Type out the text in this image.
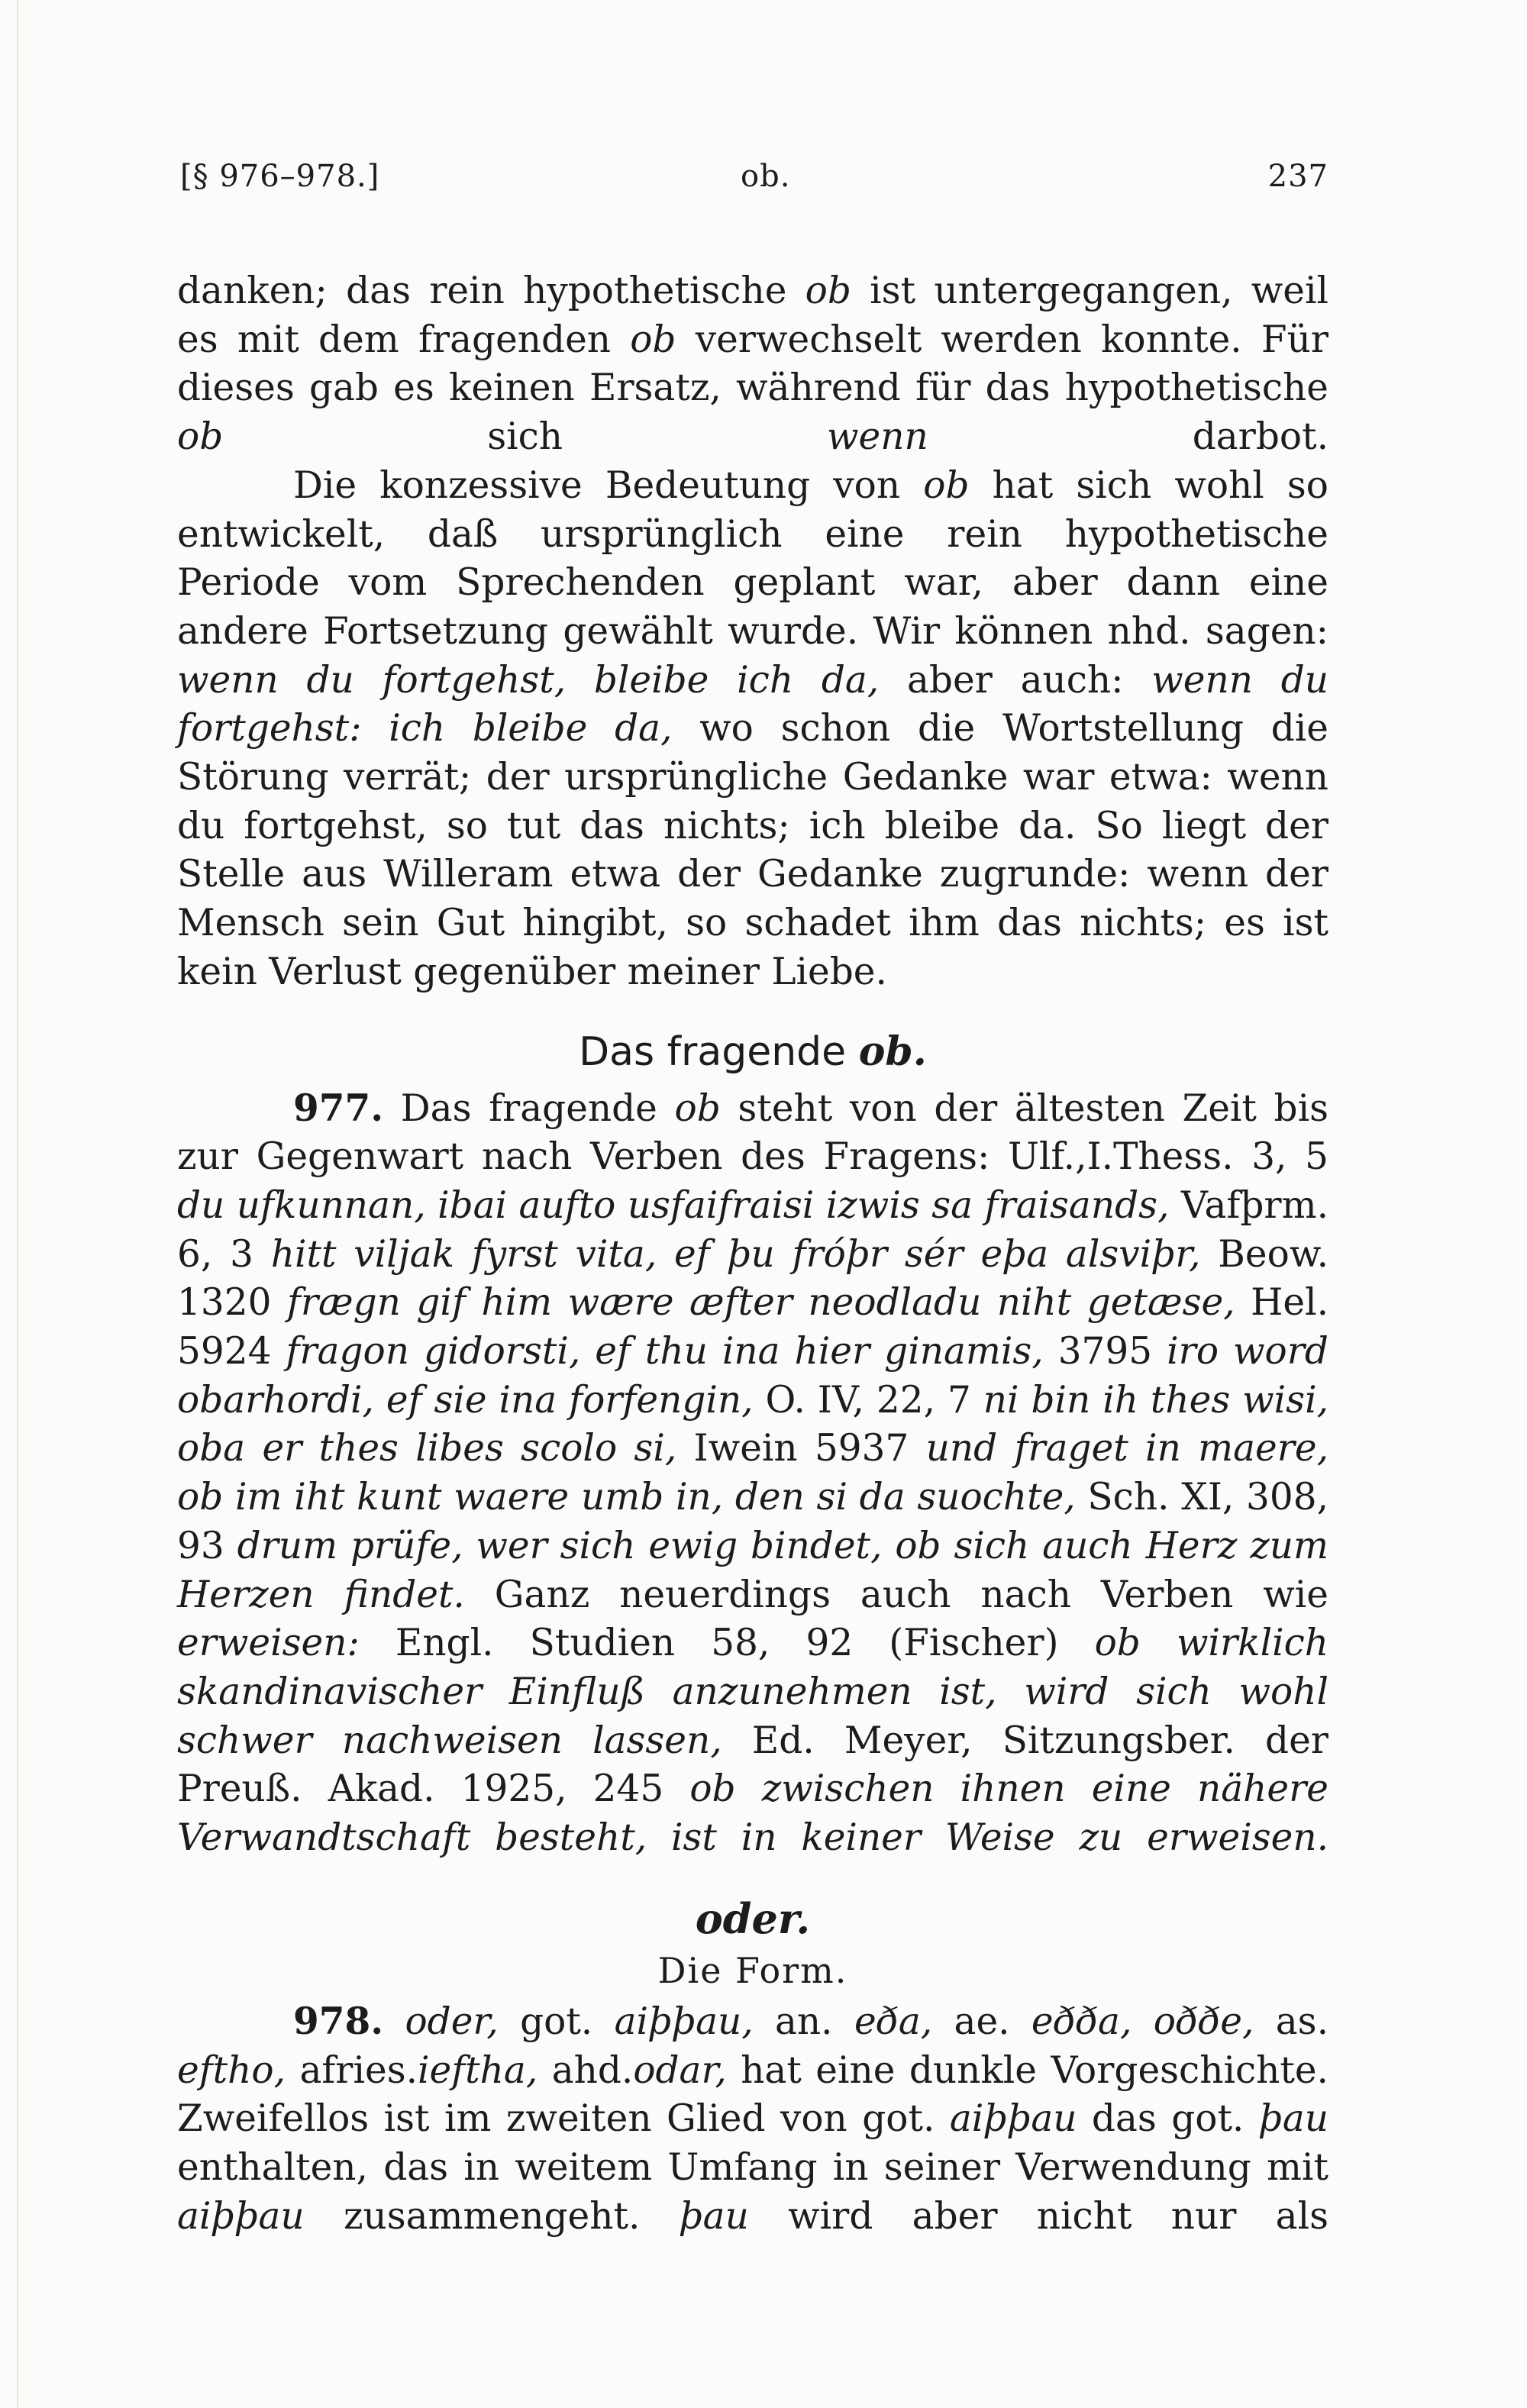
[§ 976–978.]	ob.	237

danken; das rein hypothetische ob ist untergegangen, weil es mit dem fragenden ob verwechselt werden konnte. Für dieses gab es keinen Ersatz, während für das hypothetische ob sich wenn darbot.

Die konzessive Bedeutung von ob hat sich wohl so entwickelt, daß ursprünglich eine rein hypothetische Periode vom Sprechenden geplant war, aber dann eine andere Fortsetzung gewählt wurde. Wir können nhd. sagen: wenn du fortgehst, bleibe ich da, aber auch: wenn du fortgehst: ich bleibe da, wo schon die Wortstellung die Störung verrät; der ursprüngliche Gedanke war etwa: wenn du fortgehst, so tut das nichts; ich bleibe da. So liegt der Stelle aus Willeram etwa der Gedanke zugrunde: wenn der Mensch sein Gut hingibt, so schadet ihm das nichts; es ist kein Verlust gegenüber meiner Liebe.

Das fragende ob.

977. Das fragende ob steht von der ältesten Zeit bis zur Gegenwart nach Verben des Fragens: Ulf.,I.Thess. 3, 5 du ufkunnan, ibai aufto usfaifraisi izwis sa fraisands, Vafþrm. 6, 3 hitt viljak fyrst vita, ef þu fróþr sér eþa alsviþr, Beow. 1320 frægn gif him wære æfter neodladu niht getæse, Hel. 5924 fragon gidorsti, ef thu ina hier ginamis, 3795 iro word obarhordi, ef sie ina forfengin, O. IV, 22, 7 ni bin ih thes wisi, oba er thes libes scolo si, Iwein 5937 und fraget in maere, ob im iht kunt waere umb in, den si da suochte, Sch. XI, 308, 93 drum prüfe, wer sich ewig bindet, ob sich auch Herz zum Herzen findet. Ganz neuerdings auch nach Verben wie erweisen: Engl. Studien 58, 92 (Fischer) ob wirklich skandinavischer Einfluß anzunehmen ist, wird sich wohl schwer nachweisen lassen, Ed. Meyer, Sitzungsber. der Preuß. Akad. 1925, 245 ob zwischen ihnen eine nähere Verwandtschaft besteht, ist in keiner Weise zu erweisen.

oder.
Die Form.

978. oder, got. aiþþau, an. eða, ae. eðða, oððe, as. eftho, afries.ieftha, ahd.odar, hat eine dunkle Vorgeschichte. Zweifellos ist im zweiten Glied von got. aiþþau das got. þau enthalten, das in weitem Umfang in seiner Verwendung mit aiþþau zusammengeht. þau wird aber nicht nur als
